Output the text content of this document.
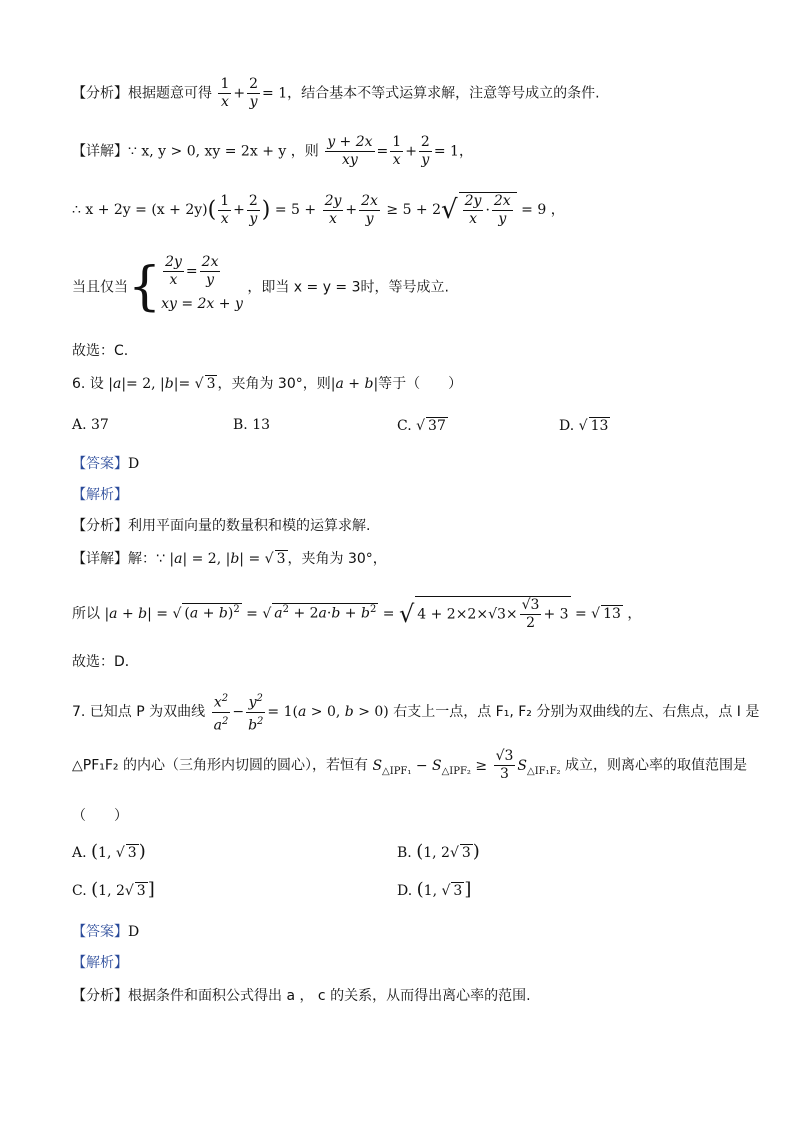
【分析】根据题意可得 $\frac{1}{x} + \frac{2}{y} = 1$，结合基本不等式运算求解，注意等号成立的条件.
【详解】∵ x, y > 0, xy = 2x + y ，则 $\frac{y + 2x}{xy} = \frac{1}{x} + \frac{2}{y} = 1$，
∴ $x + 2y = (x + 2y)( \frac{1}{x} + \frac{2}{y}$ ) = $5 + \frac{2y}{x} + \frac{2x}{y} \ge 5 + 2√ \frac{2y}{x} \cdot \frac{2x}{y} = 9$ ，
当且仅当{ $\frac{2y}{x} = \frac{2x}{y}$
xy = 2x + y
，即当 x = y = 3时，等号成立.
故选：C.
6. 设 |a|= 2, |b|= √ 3 ，夹角为 30°，则|a + b|等于（　　）
A. 37	B. 13	C. √ 37	D. √ 13
【答案】D
【解析】
【分析】利用平面向量的数量积和模的运算求解.
【详解】解：∵ |a| = 2, |b| = √ 3 ，夹角为 30°，
所以 |a + b| = √ $(a + b)^2$ = √ $a^2 + 2a\cdot b + b^2$ = √ $4 + 2\times 2\times√3\times \frac{√3}{2} + 3$ = √ 13 ，
故选：D．
7. 已知点 P 为双曲线 $\frac{x^2}{a^2} - \frac{y^2}{b^2} = 1(a > 0$, b > 0) 右支上一点，点 F₁, F₂ 分别为双曲线的左、右焦点，点 I 是
△PF₁F₂ 的内心（三角形内切圆的圆心），若恒有 $S_{\triangle IPF_1} - S_{\triangle IPF_2} \ge \frac{√3}{3} S_{\triangle IF_1F_2}$ 成立，则离心率的取值范围是
（　　）
A. (1, √ 3 )	B. (1, 2√ 3 )
C. (1, 2√ 3 ]	D. (1, √ 3 ]
【答案】D
【解析】
【分析】根据条件和面积公式得出 a ， c 的关系，从而得出离心率的范围.
